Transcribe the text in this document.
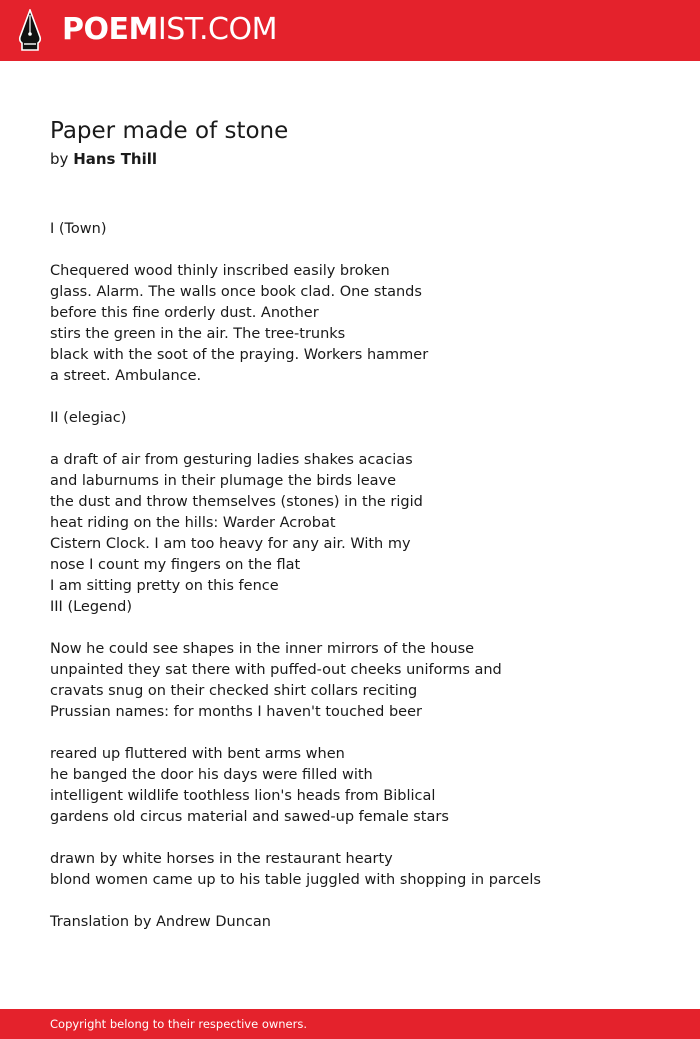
POEMIST.COM
Paper made of stone
by Hans Thill
I (Town)
Chequered wood thinly inscribed easily broken
glass. Alarm. The walls once book clad. One stands
before this fine orderly dust. Another
stirs the green in the air. The tree-trunks
black with the soot of the praying. Workers hammer
a street. Ambulance.
II (elegiac)
a draft of air from gesturing ladies shakes acacias
and laburnums in their plumage the birds leave
the dust and throw themselves (stones) in the rigid
heat riding on the hills: Warder Acrobat
Cistern Clock. I am too heavy for any air. With my
nose I count my fingers on the flat
I am sitting pretty on this fence
III (Legend)
Now he could see shapes in the inner mirrors of the house
unpainted they sat there with puffed-out cheeks uniforms and
cravats snug on their checked shirt collars reciting
Prussian names: for months I haven't touched beer
reared up fluttered with bent arms when
he banged the door his days were filled with
intelligent wildlife toothless lion's heads from Biblical
gardens old circus material and sawed-up female stars
drawn by white horses in the restaurant hearty
blond women came up to his table juggled with shopping in parcels
Translation by Andrew Duncan
Copyright belong to their respective owners.
